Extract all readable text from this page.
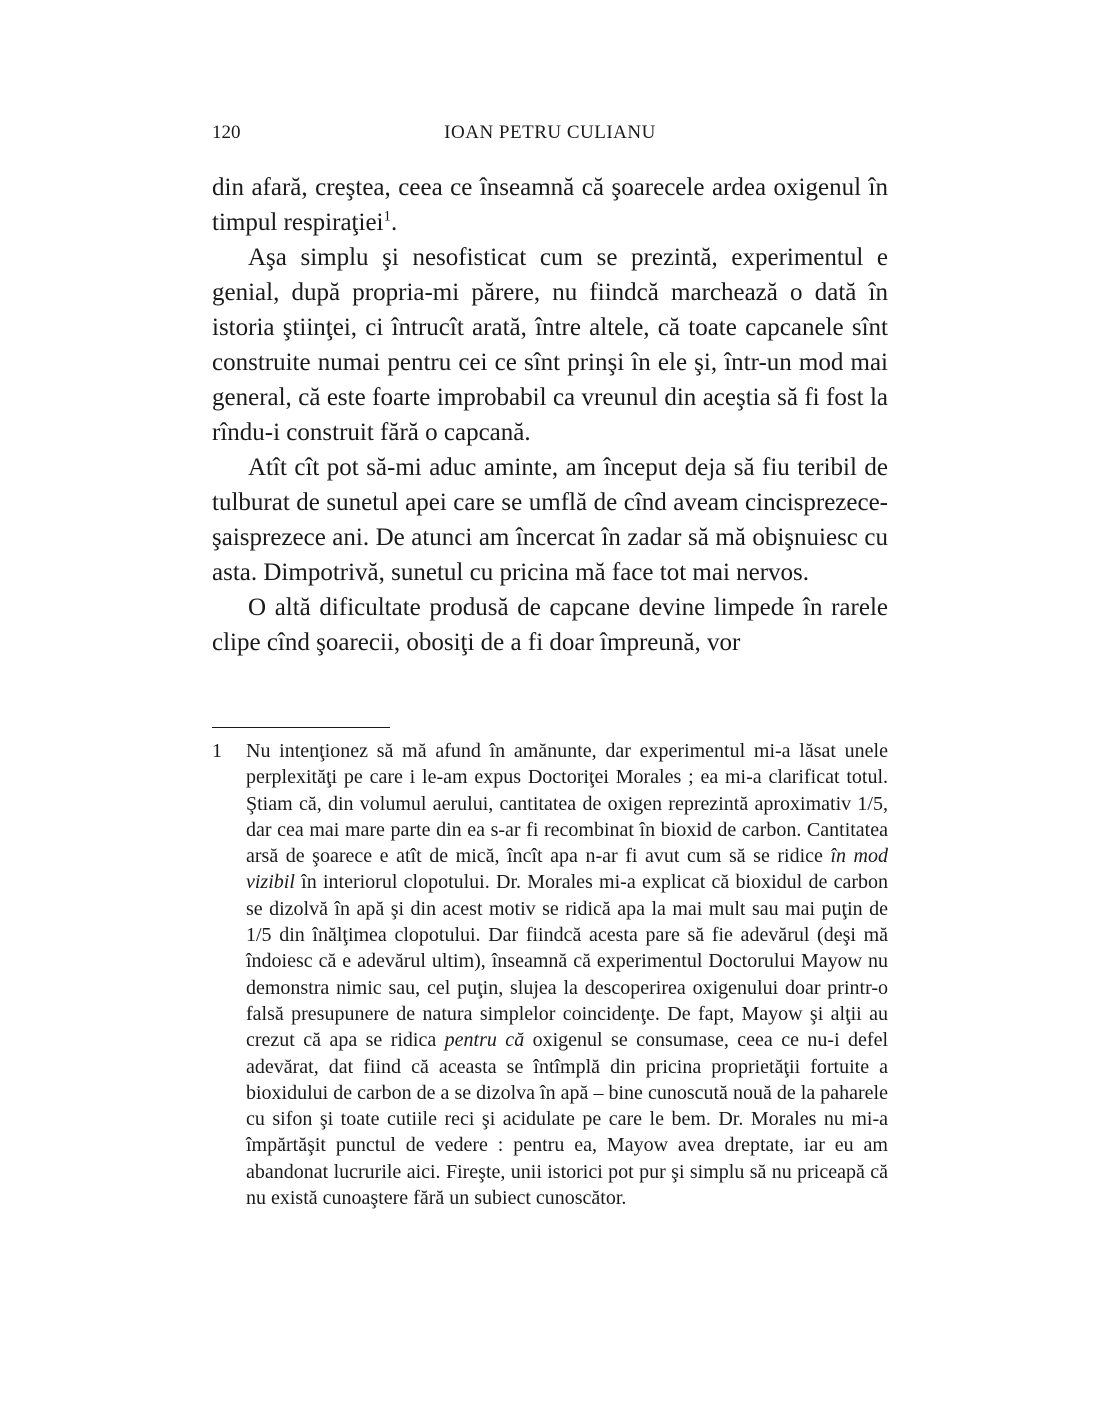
120	IOAN PETRU CULIANU

din afară, creştea, ceea ce înseamnă că şoarecele ardea oxigenul în timpul respiraţiei$^1$.

Aşa simplu şi nesofisticat cum se prezintă, experimentul e genial, după propria-mi părere, nu fiindcă marchează o dată în istoria ştiinţei, ci întrucît arată, între altele, că toate capcanele sînt construite numai pentru cei ce sînt prinşi în ele şi, într-un mod mai general, că este foarte improbabil ca vreunul din aceştia să fi fost la rîndu-i construit fără o capcană.

Atît cît pot să-mi aduc aminte, am început deja să fiu teribil de tulburat de sunetul apei care se umflă de cînd aveam cincisprezece-şaisprezece ani. De atunci am încercat în zadar să mă obişnuiesc cu asta. Dimpotrivă, sunetul cu pricina mă face tot mai nervos.

O altă dificultate produsă de capcane devine limpede în rarele clipe cînd şoarecii, obosiţi de a fi doar împreună, vor

1 Nu intenţionez să mă afund în amănunte, dar experimentul mi-a lăsat unele perplexităţi pe care i le-am expus Doctoriţei Morales ; ea mi-a clarificat totul. Ştiam că, din volumul aerului, cantitatea de oxigen reprezintă aproximativ 1/5, dar cea mai mare parte din ea s-ar fi recombinat în bioxid de carbon. Cantitatea arsă de şoarece e atît de mică, încît apa n-ar fi avut cum să se ridice în mod vizibil în interiorul clopotului. Dr. Morales mi-a explicat că bioxidul de carbon se dizolvă în apă şi din acest motiv se ridică apa la mai mult sau mai puţin de 1/5 din înălţimea clopotului. Dar fiindcă acesta pare să fie adevărul (deşi mă îndoiesc că e adevărul ultim), înseamnă că experimentul Doctorului Mayow nu demonstra nimic sau, cel puţin, slujea la descoperirea oxigenului doar printr-o falsă presupunere de natura simplelor coincidenţe. De fapt, Mayow şi alţii au crezut că apa se ridica pentru că oxigenul se consumase, ceea ce nu-i defel adevărat, dat fiind că aceasta se întîmplă din pricina proprietăţii fortuite a bioxidului de carbon de a se dizolva în apă – bine cunoscută nouă de la paharele cu sifon şi toate cutiile reci şi acidulate pe care le bem. Dr. Morales nu mi-a împărtăşit punctul de vedere : pentru ea, Mayow avea dreptate, iar eu am abandonat lucrurile aici. Fireşte, unii istorici pot pur şi simplu să nu priceapă că nu există cunoaştere fără un subiect cunoscător.
